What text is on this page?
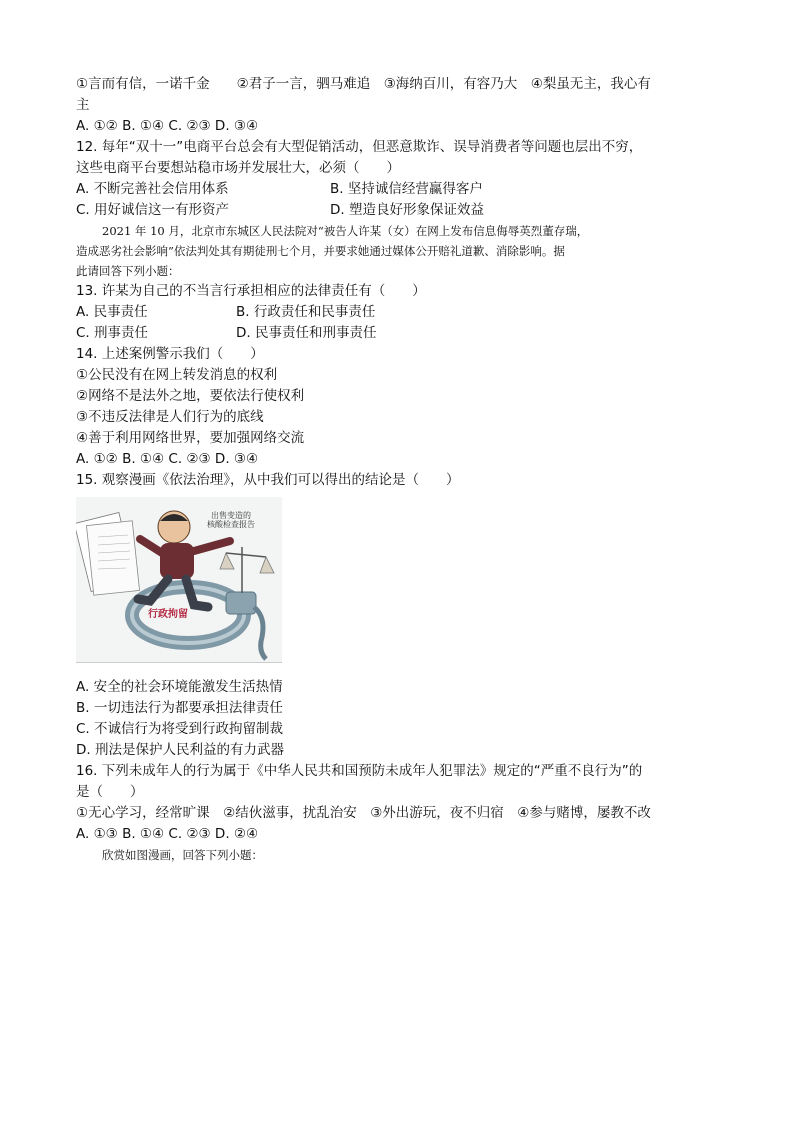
①言而有信，一诺千金　　②君子一言，驷马难追　③海纳百川，有容乃大　④梨虽无主，我心有
主
A. ①② B. ①④ C. ②③ D. ③④
12. 每年“双十一”电商平台总会有大型促销活动，但恶意欺诈、误导消费者等问题也层出不穷，
这些电商平台要想站稳市场并发展壮大，必须（　　）
A. 不断完善社会信用体系	B. 坚持诚信经营赢得客户
C. 用好诚信这一有形资产	D. 塑造良好形象保证效益
2021 年 10 月，北京市东城区人民法院对“被告人许某（女）在网上发布信息侮辱英烈董存瑞，
造成恶劣社会影响”依法判处其有期徒刑七个月，并要求她通过媒体公开赔礼道歉、消除影响。据
此请回答下列小题：
13. 许某为自己的不当言行承担相应的法律责任有（　　）
A. 民事责任	B. 行政责任和民事责任
C. 刑事责任	D. 民事责任和刑事责任
14. 上述案例警示我们（　　）
①公民没有在网上转发消息的权利
②网络不是法外之地，要依法行使权利
③不违反法律是人们行为的底线
④善于利用网络世界，要加强网络交流
A. ①② B. ①④ C. ②③ D. ③④
15. 观察漫画《依法治理》，从中我们可以得出的结论是（　　）
出售变造的
核酸检查报告
行政拘留
A. 安全的社会环境能激发生活热情
B. 一切违法行为都要承担法律责任
C. 不诚信行为将受到行政拘留制裁
D. 刑法是保护人民利益的有力武器
16. 下列未成年人的行为属于《中华人民共和国预防未成年人犯罪法》规定的“严重不良行为”的
是（　　）
①无心学习，经常旷课　②结伙滋事，扰乱治安　③外出游玩，夜不归宿　④参与赌博，屡教不改
A. ①③ B. ①④ C. ②③ D. ②④
欣赏如图漫画，回答下列小题：
